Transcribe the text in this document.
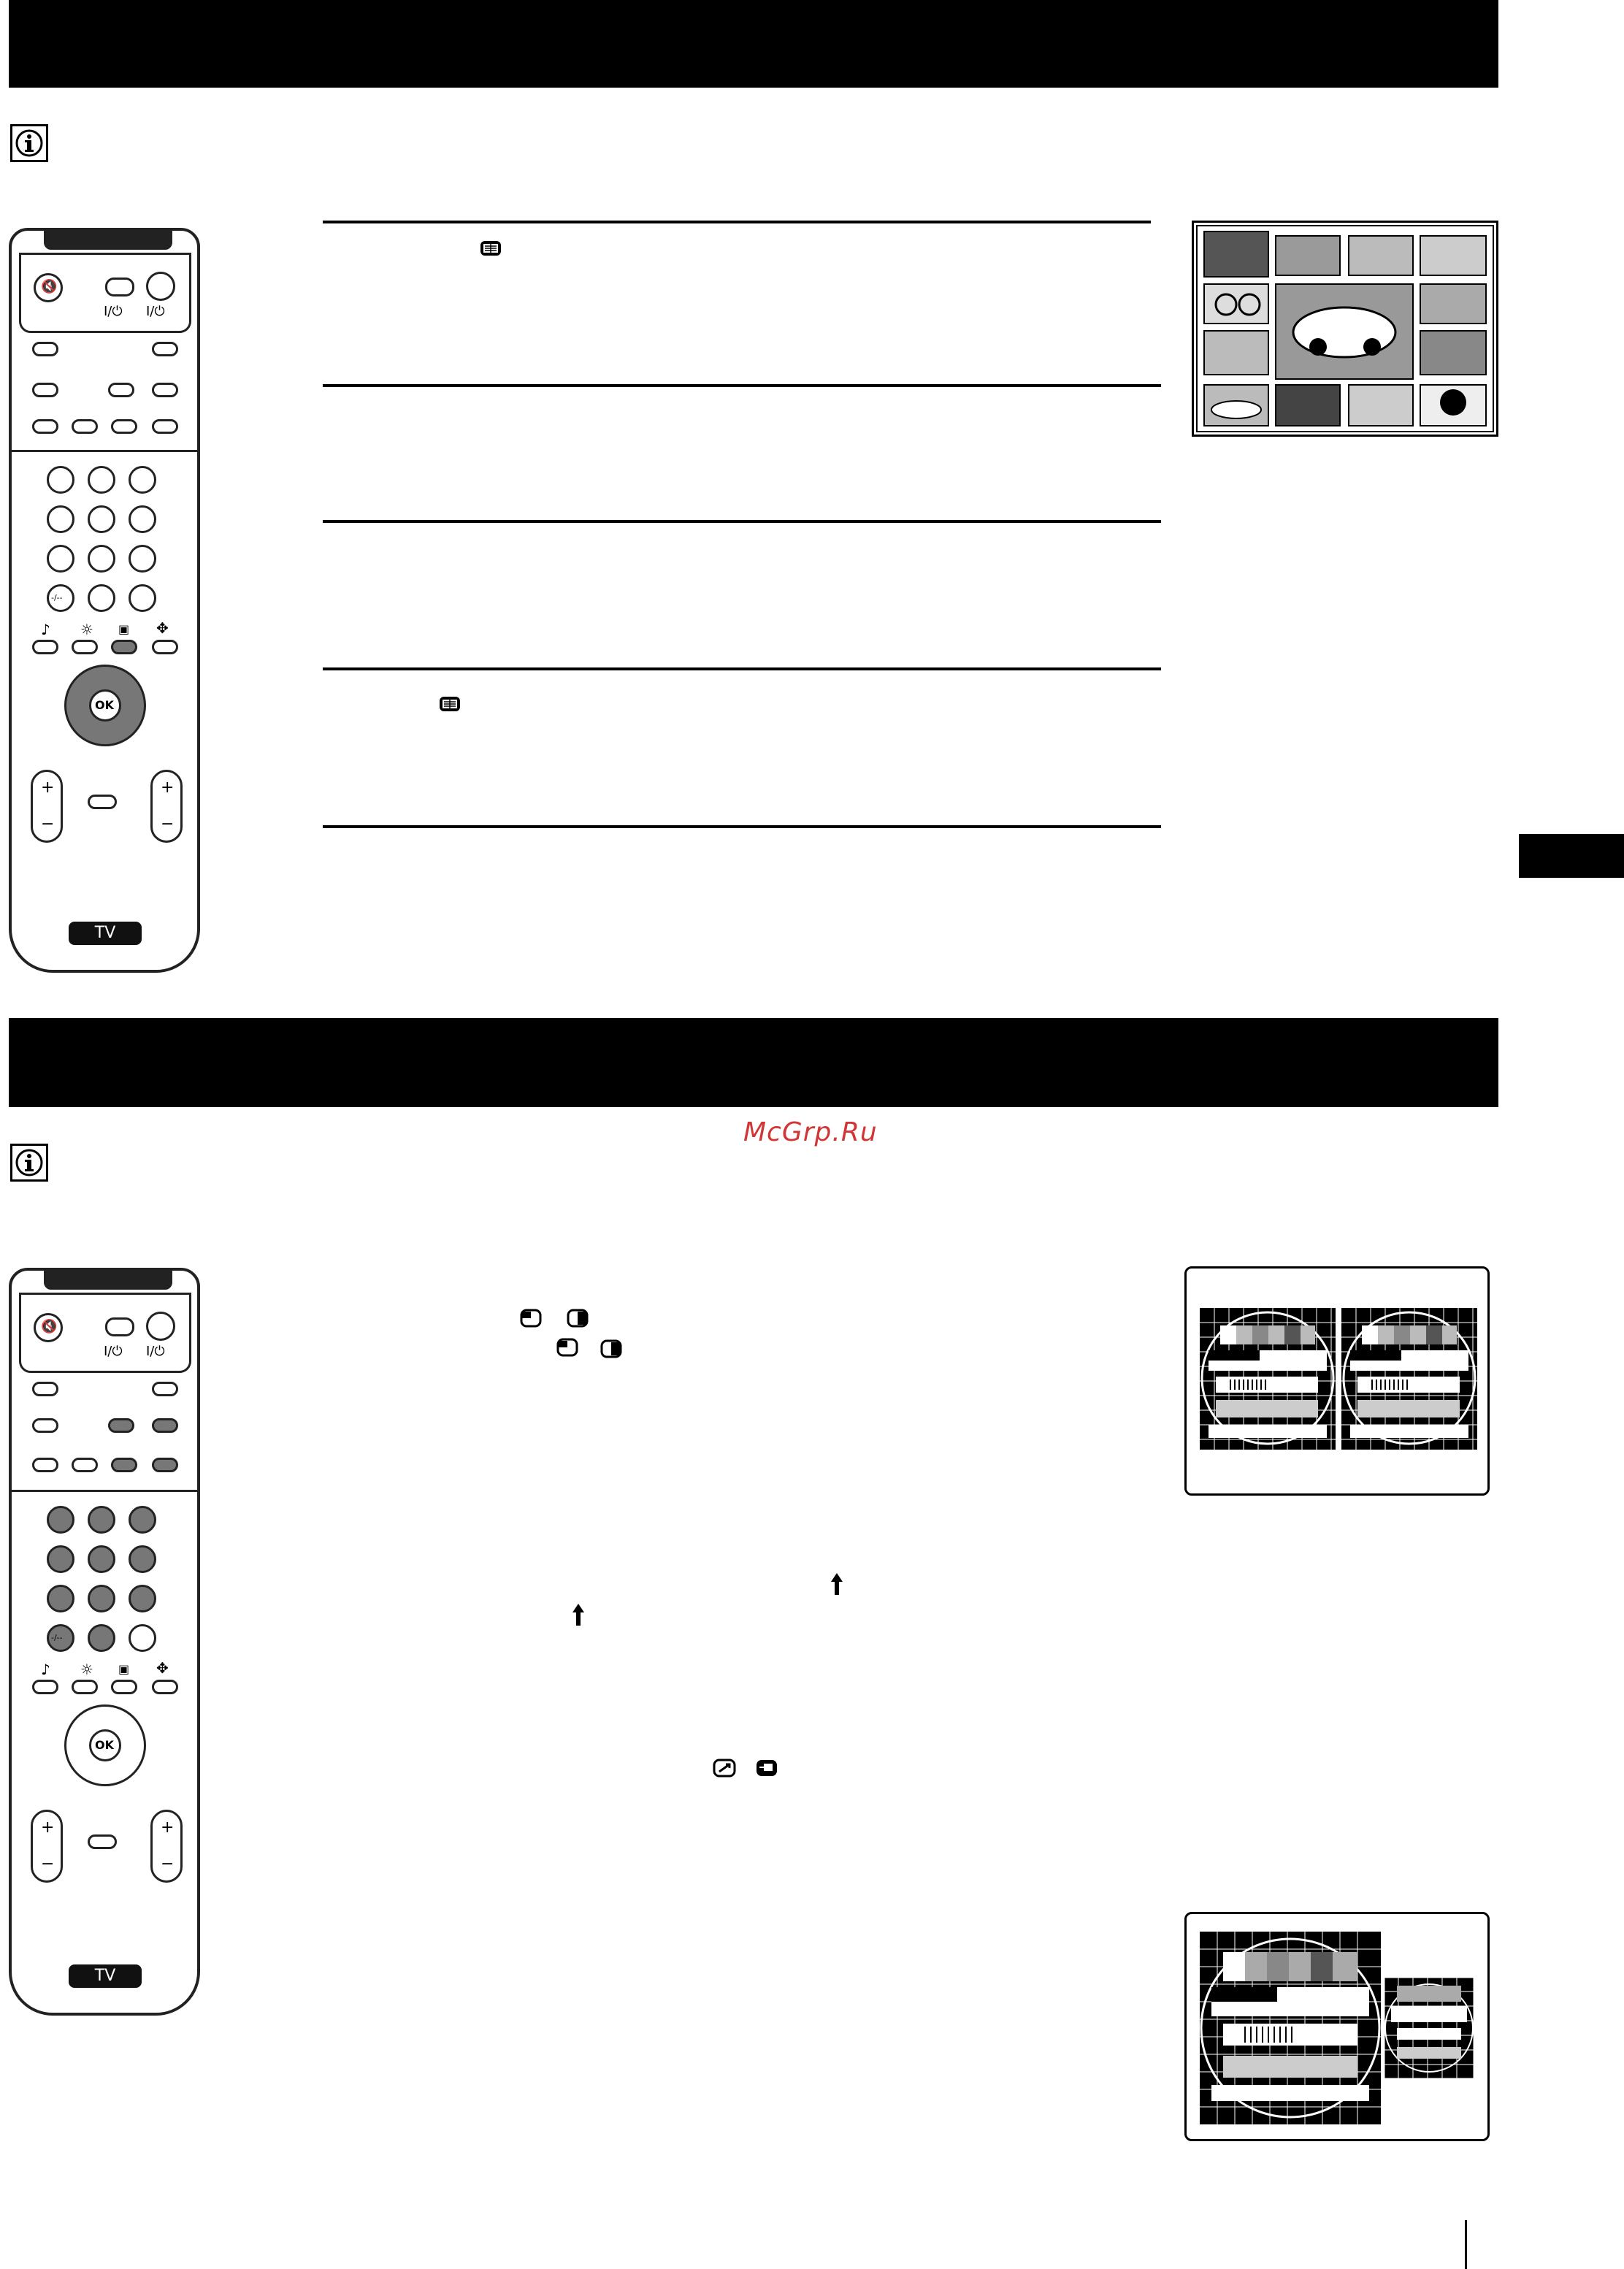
🔇
I/⏻ I/⏻
-/--
♪ ☼ ▣ ✥
OK
+
−
+
−
TV
McGrp.Ru
🔇
I/⏻ I/⏻
-/--
♪ ☼ ▣ ✥
OK
+
−
+
−
TV
